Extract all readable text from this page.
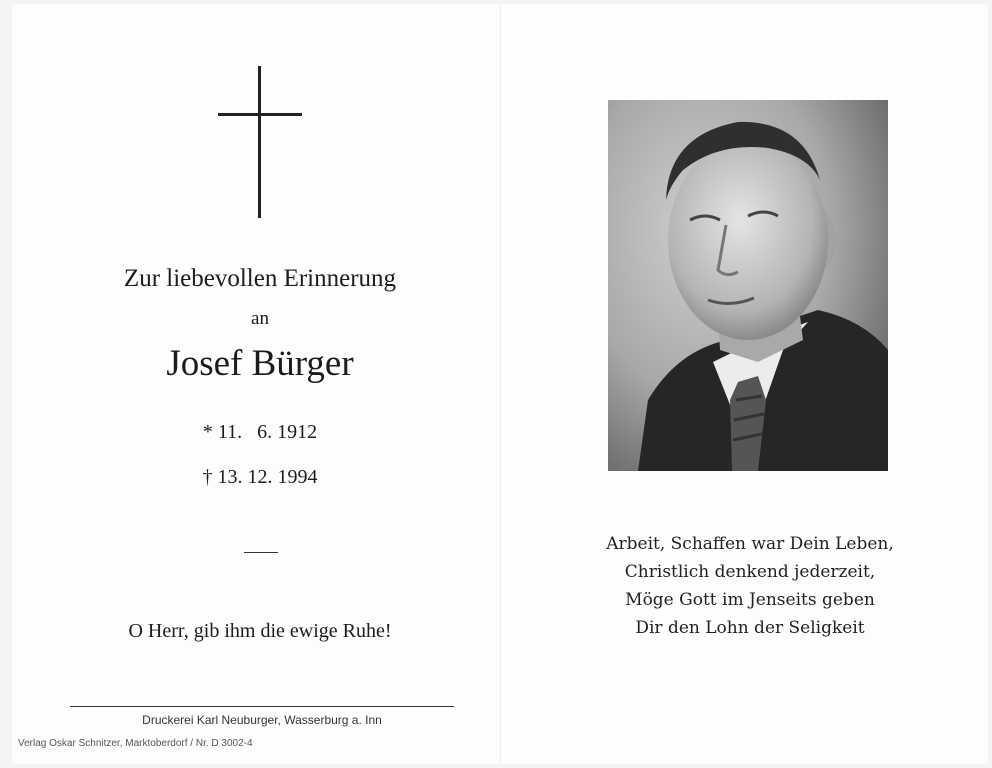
Zur liebevollen Erinnerung
an
Josef Bürger
* 11.   6. 1912
† 13. 12. 1994
O Herr, gib ihm die ewige Ruhe!
Druckerei Karl Neuburger, Wasserburg a. Inn
Verlag Oskar Schnitzer, Marktoberdorf / Nr. D 3002-4
Arbeit, Schaffen war Dein Leben,
Christlich denkend jederzeit,
Möge Gott im Jenseits geben
Dir den Lohn der Seligkeit
